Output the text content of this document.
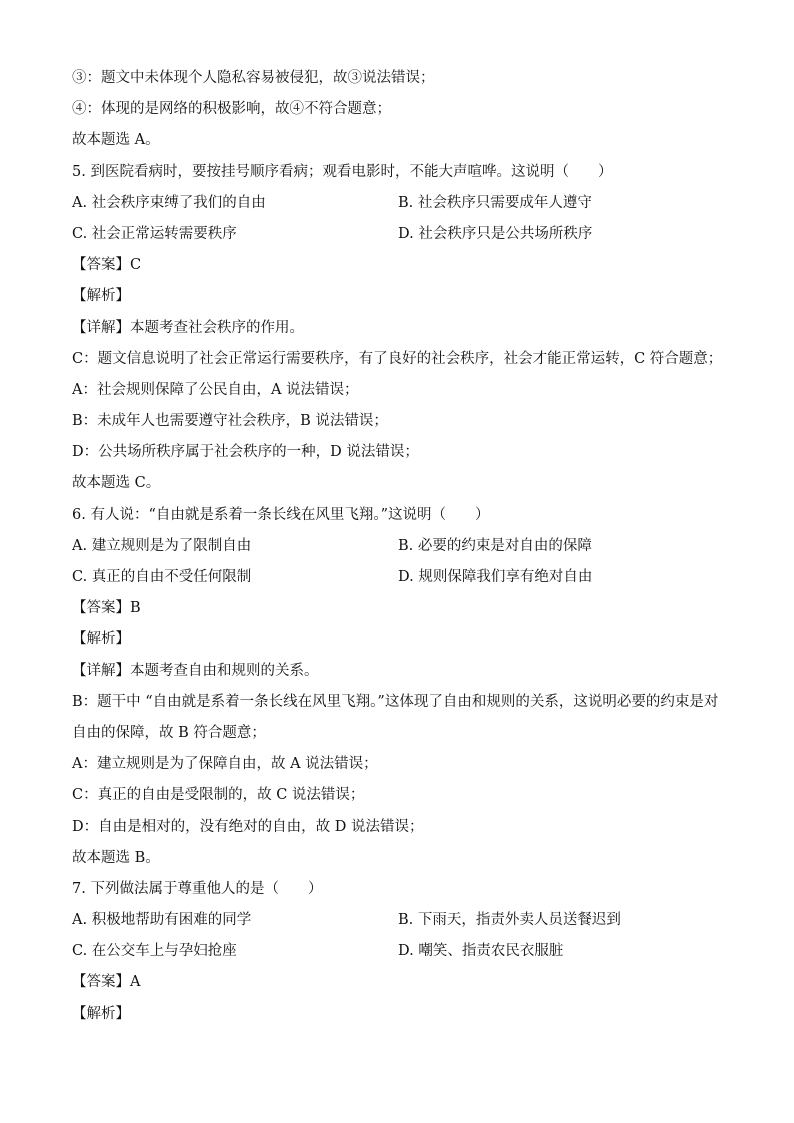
③：题文中未体现个人隐私容易被侵犯，故③说法错误；
④：体现的是网络的积极影响，故④不符合题意；
故本题选 A。
5. 到医院看病时，要按挂号顺序看病；观看电影时，不能大声喧哗。这说明（　　）
A. 社会秩序束缚了我们的自由	B. 社会秩序只需要成年人遵守
C. 社会正常运转需要秩序	D. 社会秩序只是公共场所秩序
【答案】C
【解析】
【详解】本题考查社会秩序的作用。
C：题文信息说明了社会正常运行需要秩序，有了良好的社会秩序，社会才能正常运转，C 符合题意；
A：社会规则保障了公民自由，A 说法错误；
B：未成年人也需要遵守社会秩序，B 说法错误；
D：公共场所秩序属于社会秩序的一种，D 说法错误；
故本题选 C。
6. 有人说：“自由就是系着一条长线在风里飞翔。”这说明（　　）
A. 建立规则是为了限制自由	B. 必要的约束是对自由的保障
C. 真正的自由不受任何限制	D. 规则保障我们享有绝对自由
【答案】B
【解析】
【详解】本题考查自由和规则的关系。
B：题干中 “自由就是系着一条长线在风里飞翔。”这体现了自由和规则的关系，这说明必要的约束是对
自由的保障，故 B 符合题意；
A：建立规则是为了保障自由，故 A 说法错误；
C：真正的自由是受限制的，故 C 说法错误；
D：自由是相对的，没有绝对的自由，故 D 说法错误；
故本题选 B。
7. 下列做法属于尊重他人的是（　　）
A. 积极地帮助有困难的同学	B. 下雨天，指责外卖人员送餐迟到
C. 在公交车上与孕妇抢座	D. 嘲笑、指责农民衣服脏
【答案】A
【解析】
